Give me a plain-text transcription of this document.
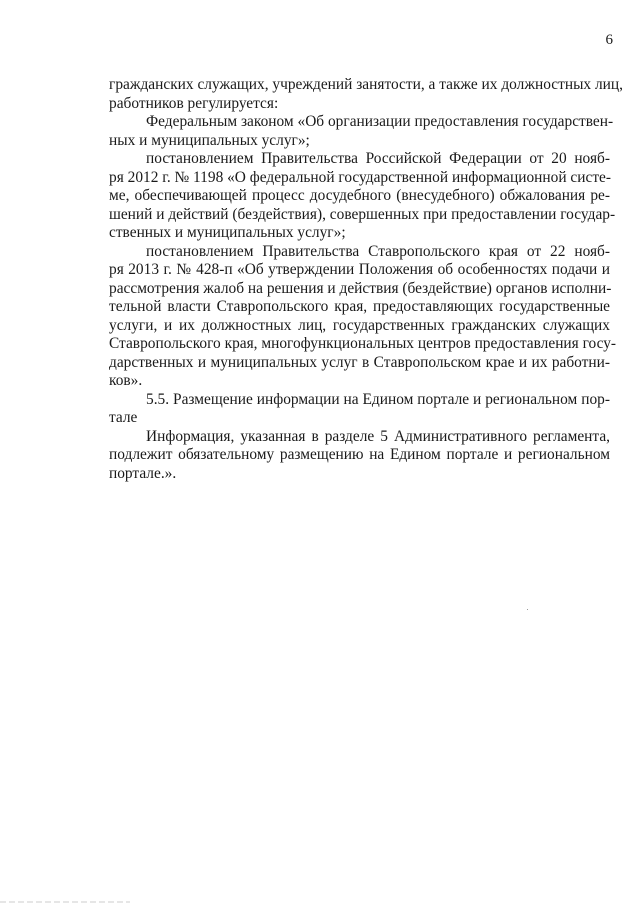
6

гражданских служащих, учреждений занятости, а также их должностных лиц,
работников регулируется:

Федеральным законом «Об организации предоставления государствен-
ных и муниципальных услуг»;

постановлением Правительства Российской Федерации от 20 нояб-
ря 2012 г. № 1198 «О федеральной государственной информационной систе-
ме, обеспечивающей процесс досудебного (внесудебного) обжалования ре-
шений и действий (бездействия), совершенных при предоставлении государ-
ственных и муниципальных услуг»;

постановлением Правительства Ставропольского края от 22 нояб-
ря 2013 г. № 428-п «Об утверждении Положения об особенностях подачи и
рассмотрения жалоб на решения и действия (бездействие) органов исполни-
тельной власти Ставропольского края, предоставляющих государственные
услуги, и их должностных лиц, государственных гражданских служащих
Ставропольского края, многофункциональных центров предоставления госу-
дарственных и муниципальных услуг в Ставропольском крае и их работни-
ков».

5.5. Размещение информации на Едином портале и региональном пор-
тале

Информация, указанная в разделе 5 Административного регламента,
подлежит обязательному размещению на Едином портале и региональном
портале.».
